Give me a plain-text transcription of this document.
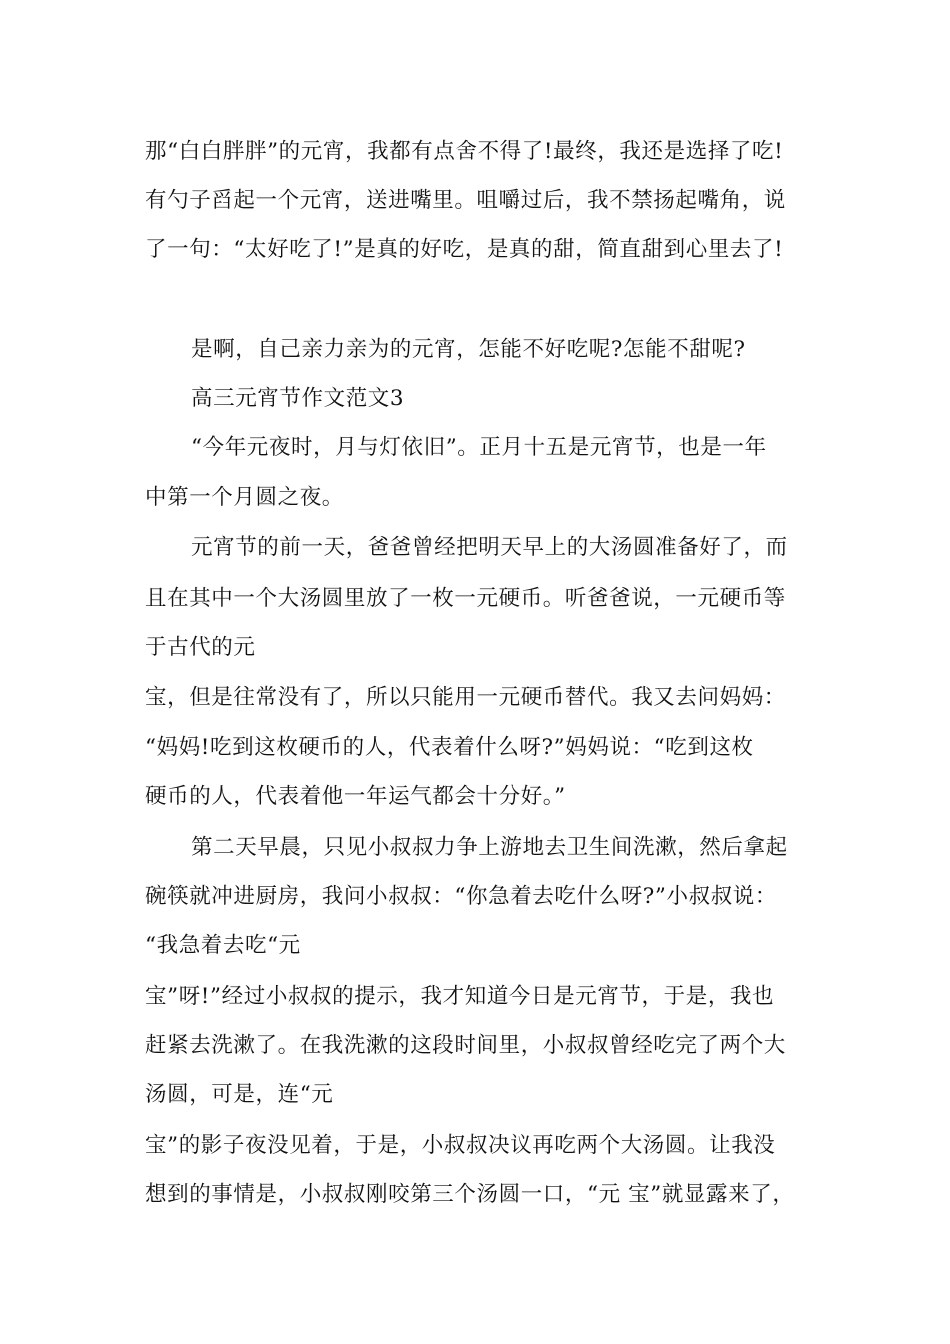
那“白白胖胖”的元宵，我都有点舍不得了!最终，我还是选择了吃!
有勺子舀起一个元宵，送进嘴里。咀嚼过后，我不禁扬起嘴角，说
了一句：“太好吃了!”是真的好吃，是真的甜，简直甜到心里去了!
是啊，自己亲力亲为的元宵，怎能不好吃呢?怎能不甜呢?
高三元宵节作文范文3
“今年元夜时，月与灯依旧”。正月十五是元宵节，也是一年
中第一个月圆之夜。
元宵节的前一天，爸爸曾经把明天早上的大汤圆准备好了，而
且在其中一个大汤圆里放了一枚一元硬币。听爸爸说，一元硬币等
于古代的元
宝，但是往常没有了，所以只能用一元硬币替代。我又去问妈妈：
“妈妈!吃到这枚硬币的人，代表着什么呀?”妈妈说：“吃到这枚
硬币的人，代表着他一年运气都会十分好。”
第二天早晨，只见小叔叔力争上游地去卫生间洗漱，然后拿起
碗筷就冲进厨房，我问小叔叔：“你急着去吃什么呀?”小叔叔说：
“我急着去吃“元
宝”呀!”经过小叔叔的提示，我才知道今日是元宵节，于是，我也
赶紧去洗漱了。在我洗漱的这段时间里，小叔叔曾经吃完了两个大
汤圆，可是，连“元
宝”的影子夜没见着，于是，小叔叔决议再吃两个大汤圆。让我没
想到的事情是，小叔叔刚咬第三个汤圆一口，“元 宝”就显露来了，
